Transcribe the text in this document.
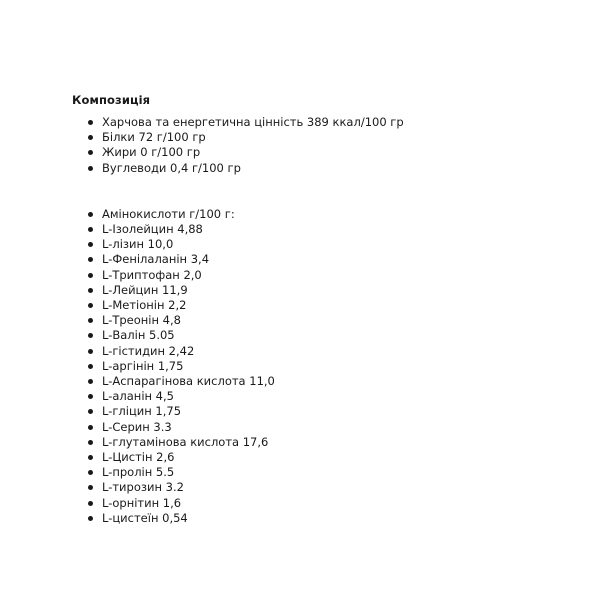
Композиція
Харчова та енергетична цінність 389 ккал/100 гр
Білки 72 г/100 гр
Жири 0 г/100 гр
Вуглеводи 0,4 г/100 гр
Амінокислоти г/100 г:
L-Ізолейцин 4,88
L-лізин 10,0
L-Фенілаланін 3,4
L-Триптофан 2,0
L-Лейцин 11,9
L-Метіонін 2,2
L-Треонін 4,8
L-Валін 5.05
L-гістидин 2,42
L-аргінін 1,75
L-Аспарагінова кислота 11,0
L-аланін 4,5
L-гліцин 1,75
L-Серин 3.3
L-глутамінова кислота 17,6
L-Цистін 2,6
L-пролін 5.5
L-тирозин 3.2
L-орнітин 1,6
L-цистеїн 0,54
